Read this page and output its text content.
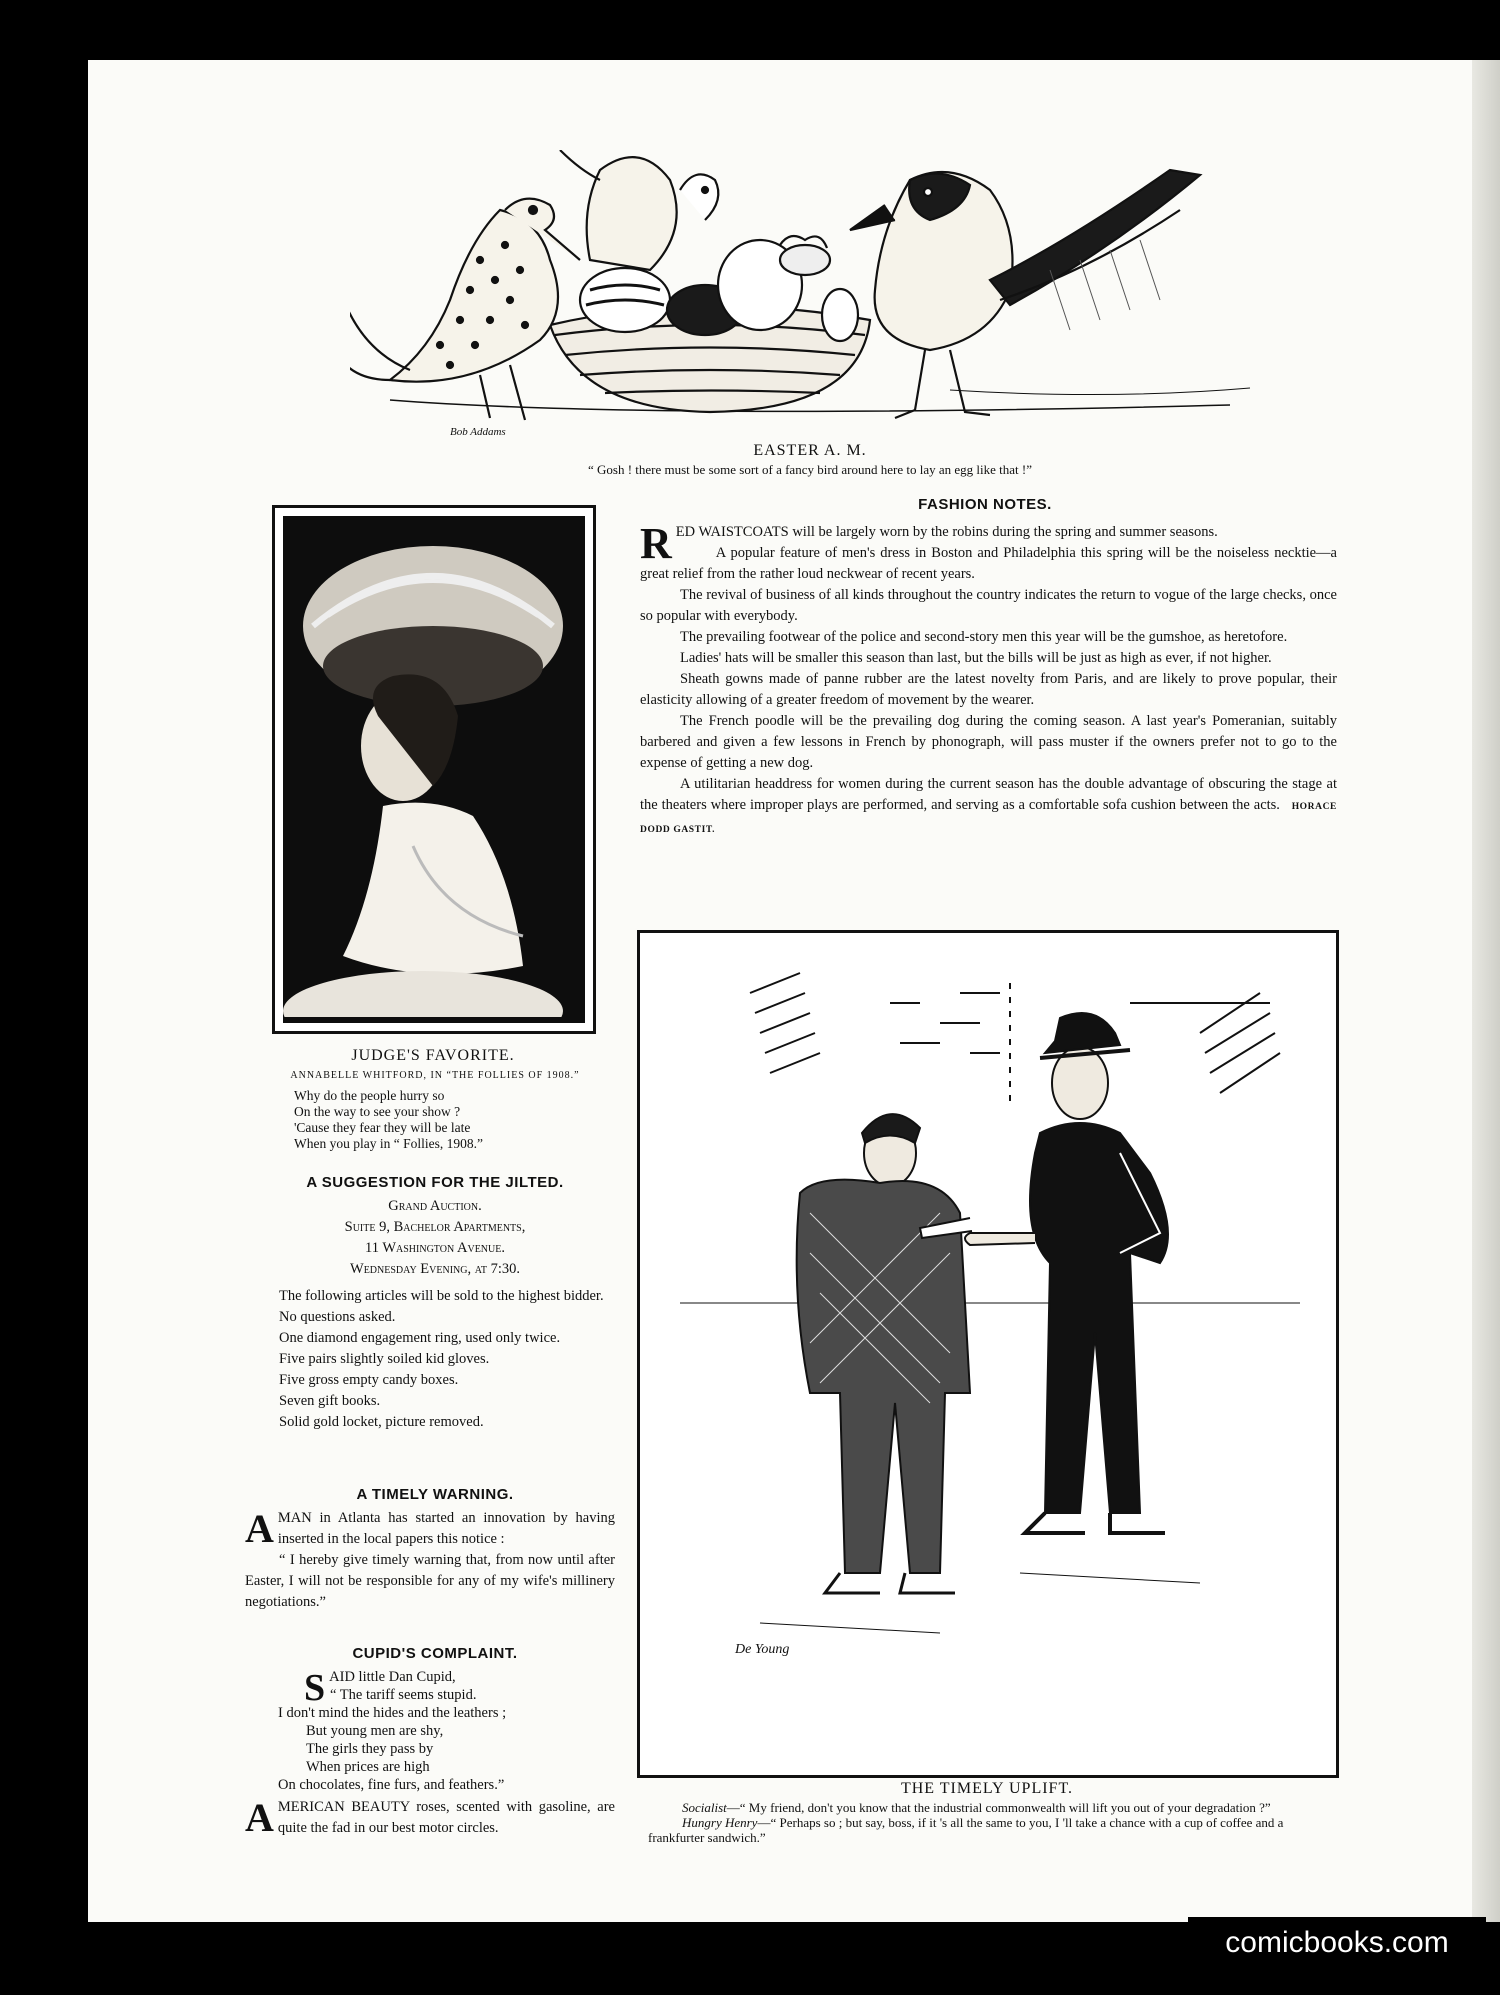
Bob Addams
EASTER A. M.
“ Gosh ! there must be some sort of a fancy bird around here to lay an egg like that !”
JUDGE'S FAVORITE.
ANNABELLE WHITFORD, IN “THE FOLLIES OF 1908.”

Why do the people hurry so

On the way to see your show ?

'Cause they fear they will be late

When you play in “ Follies, 1908.”

FASHION NOTES.

RED WAISTCOATS will be largely worn by the robins during the spring and summer seasons.

A popular feature of men's dress in Boston and Philadelphia this spring will be the noiseless necktie—a great relief from the rather loud neckwear of recent years.

The revival of business of all kinds throughout the country indicates the return to vogue of the large checks, once so popular with everybody.

The prevailing footwear of the police and second-story men this year will be the gumshoe, as heretofore.

Ladies' hats will be smaller this season than last, but the bills will be just as high as ever, if not higher.

Sheath gowns made of panne rubber are the latest novelty from Paris, and are likely to prove popular, their elasticity allowing of a greater freedom of movement by the wearer.

The French poodle will be the prevailing dog during the coming season. A last year's Pomeranian, suitably barbered and given a few lessons in French by phonograph, will pass muster if the owners prefer not to go to the expense of getting a new dog.

A utilitarian headdress for women during the current season has the double advantage of obscuring the stage at the theaters where improper plays are performed, and serving as a comfortable sofa cushion between the acts. HORACE DODD GASTIT.

A SUGGESTION FOR THE JILTED.

Grand Auction.

Suite 9, Bachelor Apartments,

11 Washington Avenue.

Wednesday Evening, at 7:30.

The following articles will be sold to the highest bidder.

No questions asked.

One diamond engagement ring, used only twice.

Five pairs slightly soiled kid gloves.

Five gross empty candy boxes.

Seven gift books.

Solid gold locket, picture removed.

A TIMELY WARNING.

A MAN in Atlanta has started an innovation by having inserted in the local papers this notice :

“ I hereby give timely warning that, from now until after Easter, I will not be responsible for any of my wife's millinery negotiations.”

CUPID'S COMPLAINT.

SAID little Dan Cupid,

“ The tariff seems stupid.

I don't mind the hides and the leathers ;

But young men are shy,

The girls they pass by

When prices are high

On chocolates, fine furs, and feathers.”

AMERICAN BEAUTY roses, scented with gasoline, are quite the fad in our best motor circles.

De Young
THE TIMELY UPLIFT.

Socialist—“ My friend, don't you know that the industrial commonwealth will lift you out of your degradation ?”

Hungry Henry—“ Perhaps so ; but say, boss, if it 's all the same to you, I 'll take a chance with a cup of coffee and a frankfurter sandwich.”

comicbooks.com
